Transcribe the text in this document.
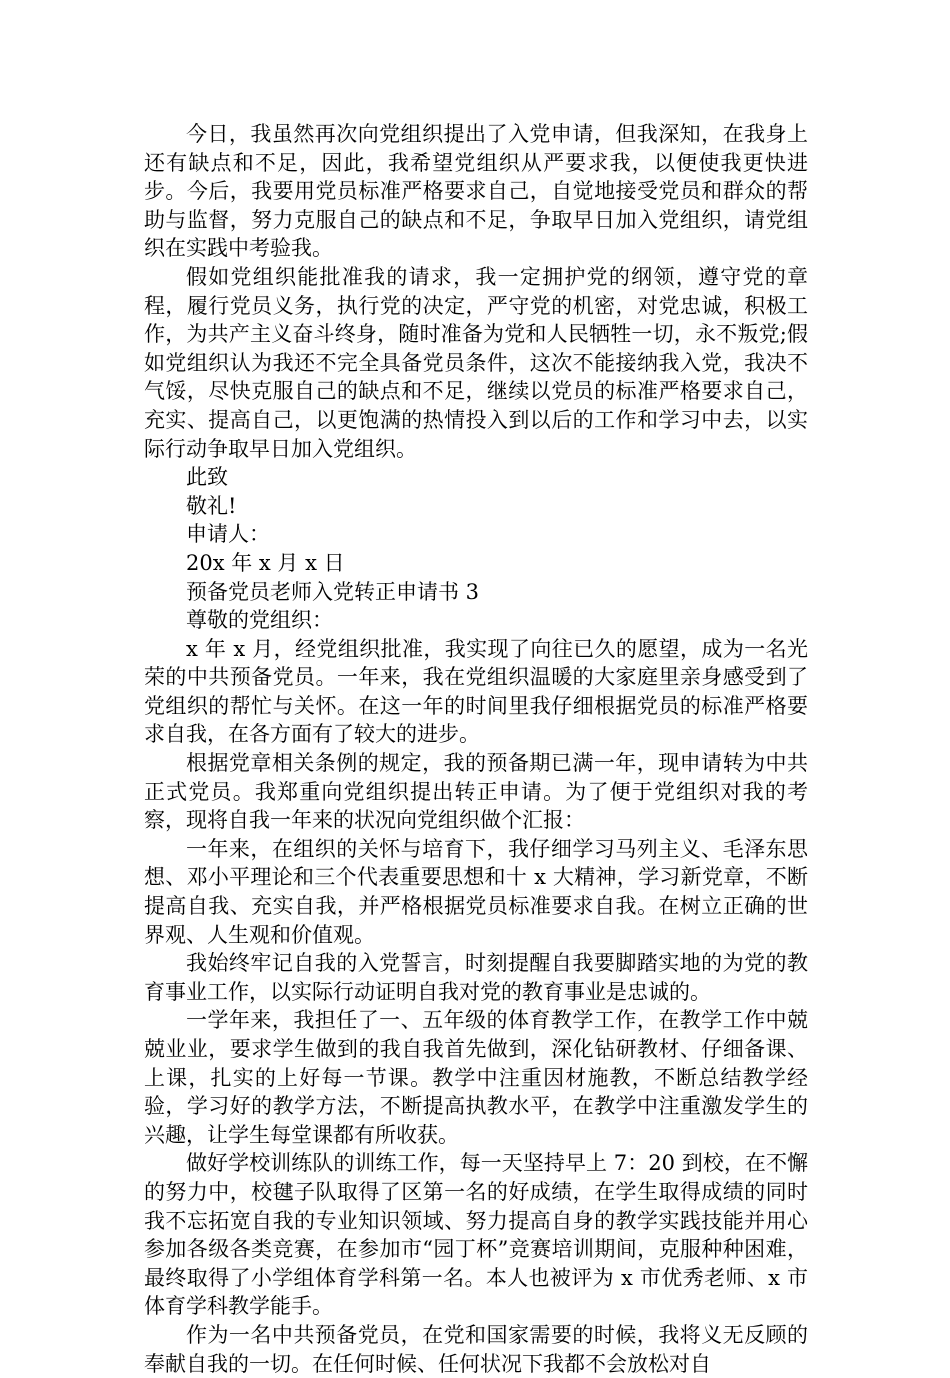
今日，我虽然再次向党组织提出了入党申请，但我深知，在我身上还有缺点和不足，因此，我希望党组织从严要求我，以便使我更快进步。今后，我要用党员标准严格要求自己，自觉地接受党员和群众的帮助与监督，努力克服自己的缺点和不足，争取早日加入党组织，请党组织在实践中考验我。

假如党组织能批准我的请求，我一定拥护党的纲领，遵守党的章程，履行党员义务，执行党的决定，严守党的机密，对党忠诚，积极工作，为共产主义奋斗终身，随时准备为党和人民牺牲一切，永不叛党;假如党组织认为我还不完全具备党员条件，这次不能接纳我入党，我决不气馁，尽快克服自己的缺点和不足，继续以党员的标准严格要求自己，充实、提高自己，以更饱满的热情投入到以后的工作和学习中去，以实际行动争取早日加入党组织。

此致

敬礼!

申请人：

20x 年 x 月 x 日

预备党员老师入党转正申请书 3

尊敬的党组织：

x 年 x 月，经党组织批准，我实现了向往已久的愿望，成为一名光荣的中共预备党员。一年来，我在党组织温暖的大家庭里亲身感受到了党组织的帮忙与关怀。在这一年的时间里我仔细根据党员的标准严格要求自我，在各方面有了较大的进步。

根据党章相关条例的规定，我的预备期已满一年，现申请转为中共正式党员。我郑重向党组织提出转正申请。为了便于党组织对我的考察，现将自我一年来的状况向党组织做个汇报：

一年来，在组织的关怀与培育下，我仔细学习马列主义、毛泽东思想、邓小平理论和三个代表重要思想和十 x 大精神，学习新党章，不断提高自我、充实自我，并严格根据党员标准要求自我。在树立正确的世界观、人生观和价值观。

我始终牢记自我的入党誓言，时刻提醒自我要脚踏实地的为党的教育事业工作，以实际行动证明自我对党的教育事业是忠诚的。

一学年来，我担任了一、五年级的体育教学工作，在教学工作中兢兢业业，要求学生做到的我自我首先做到，深化钻研教材、仔细备课、上课，扎实的上好每一节课。教学中注重因材施教，不断总结教学经验，学习好的教学方法，不断提高执教水平，在教学中注重激发学生的兴趣，让学生每堂课都有所收获。

做好学校训练队的训练工作，每一天坚持早上 7：20 到校，在不懈的努力中，校毽子队取得了区第一名的好成绩，在学生取得成绩的同时我不忘拓宽自我的专业知识领域、努力提高自身的教学实践技能并用心参加各级各类竞赛，在参加市“园丁杯”竞赛培训期间，克服种种困难，最终取得了小学组体育学科第一名。本人也被评为 x 市优秀老师、x 市体育学科教学能手。

作为一名中共预备党员，在党和国家需要的时候，我将义无反顾的奉献自我的一切。在任何时候、任何状况下我都不会放松对自
